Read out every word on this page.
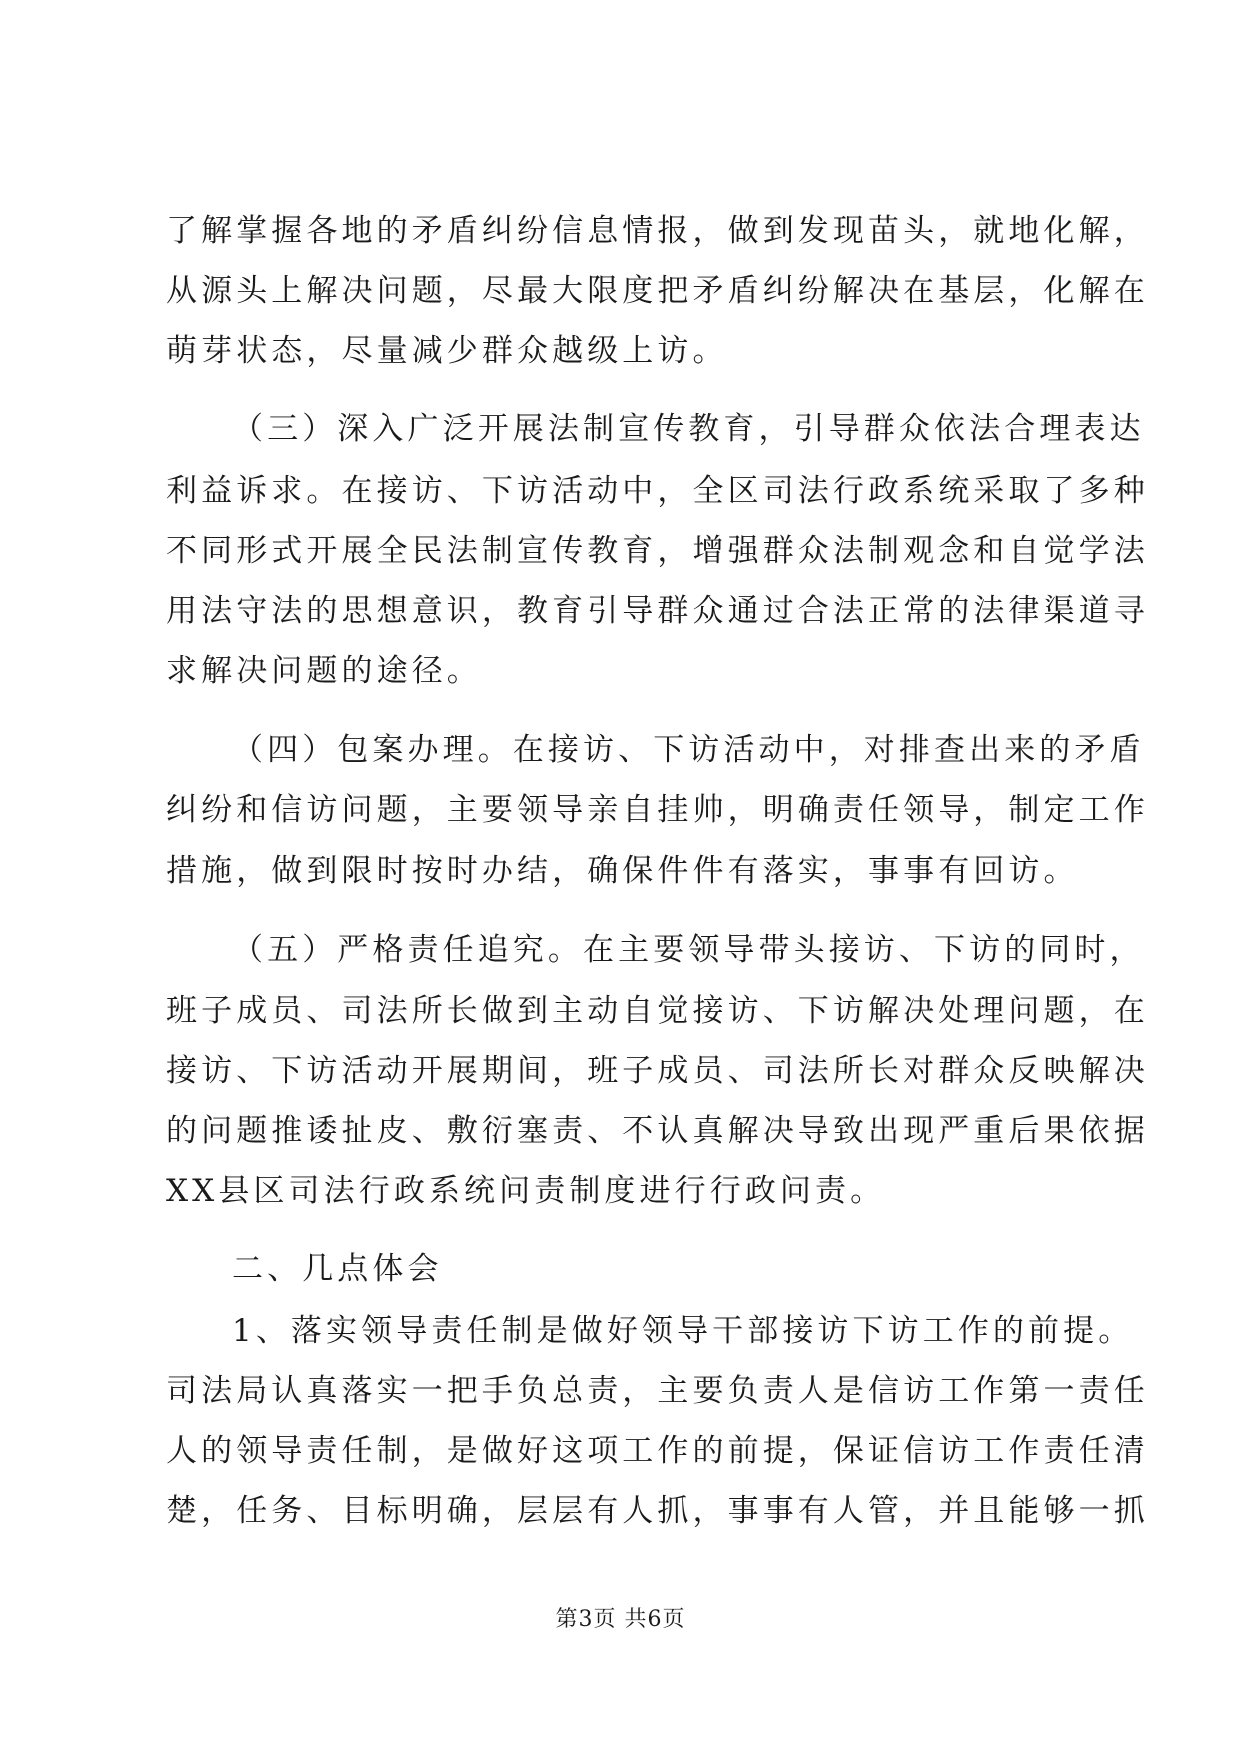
了解掌握各地的矛盾纠纷信息情报，做到发现苗头，就地化解，
从源头上解决问题，尽最大限度把矛盾纠纷解决在基层，化解在
萌芽状态，尽量减少群众越级上访。
（三）深入广泛开展法制宣传教育，引导群众依法合理表达
利益诉求。在接访、下访活动中，全区司法行政系统采取了多种
不同形式开展全民法制宣传教育，增强群众法制观念和自觉学法
用法守法的思想意识，教育引导群众通过合法正常的法律渠道寻
求解决问题的途径。
（四）包案办理。在接访、下访活动中，对排查出来的矛盾
纠纷和信访问题，主要领导亲自挂帅，明确责任领导，制定工作
措施，做到限时按时办结，确保件件有落实，事事有回访。
（五）严格责任追究。在主要领导带头接访、下访的同时，
班子成员、司法所长做到主动自觉接访、下访解决处理问题，在
接访、下访活动开展期间，班子成员、司法所长对群众反映解决
的问题推诿扯皮、敷衍塞责、不认真解决导致出现严重后果依据
XX县区司法行政系统问责制度进行行政问责。
二、几点体会
1、落实领导责任制是做好领导干部接访下访工作的前提。
司法局认真落实一把手负总责，主要负责人是信访工作第一责任
人的领导责任制，是做好这项工作的前提，保证信访工作责任清
楚，任务、目标明确，层层有人抓，事事有人管，并且能够一抓
第3页 共6页
